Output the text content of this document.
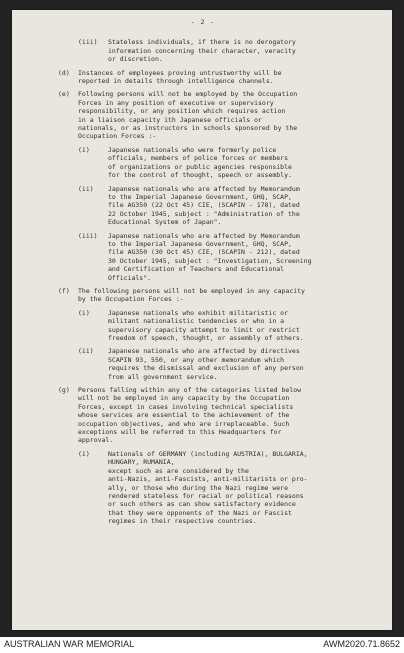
- 2 -
(iii)	Stateless individuals, if there is no derogatory
information concerning their character, veracity
or discretion.
(d)	Instances of employees proving untrustworthy will be
reported in details through intelligence channels.
(e)	Following persons will not be employed by the Occupation
Forces in any position of executive or supervisory
responsibility, or any position which requires action
in a liaison capacity ith Japanese officials or
nationals, or as instructors in schools sponsored by the
Occupation Forces :-
(i)	Japanese nationals who were formerly police
officials, members of police forces or members
of organizations or public agencies responsible
for the control of thought, speech or assembly.
(ii)	Japanese nationals who are affected by Memorandum
to the Imperial Japanese Government, GHQ, SCAP,
file AG350 (22 Oct 45) CIE, (SCAPIN - 178), dated
22 October 1945, subject : "Administration of the
Educational System of Japan".
(iii)	Japanese nationals who are affected by Memorandum
to the Imperial Japanese Government, GHQ, SCAP,
file AG350 (30 Oct 45) CIE, (SCAPIN - 212), dated
30 October 1945, subject : "Investigation, Screening
and Certification of Teachers and Educational
Officials".
(f)	The following persons will not be employed in any capacity
by the Occupation Forces :-
(i)	Japanese nationals who exhibit militaristic or
militant nationalistic tendencies or who in a
supervisory capacity attempt to limit or restrict
freedom of speech, thought, or assembly of others.
(ii)	Japanese nationals who are affected by directives
SCAPIN 93, 550, or any other memorandum which
requires the dismissal and exclusion of any person
from all government service.
(g)	Persons falling within any of the categories listed below
will not be employed in any capacity by the Occupation
Forces, except in cases involving technical specialists
whose services are essential to the achievement of the
occupation objectives, and who are irreplaceable. Such
exceptions will be referred to this Headquarters for
approval.
(i)	Nationals of GERMANY (including AUSTRIA), BULGARIA,
HUNGARY, RUMANIA,
except such as are considered by the
anti-Nazis, anti-Fascists, anti-militarists or pro-
ally, or those who during the Nazi regime were
rendered stateless for racial or political reasons
or such others as can show satisfactory evidence
that they were opponents of the Nazi or Fascist
regimes in their respective countries.
AUSTRALIAN WAR MEMORIAL	AWM2020.71.8652
